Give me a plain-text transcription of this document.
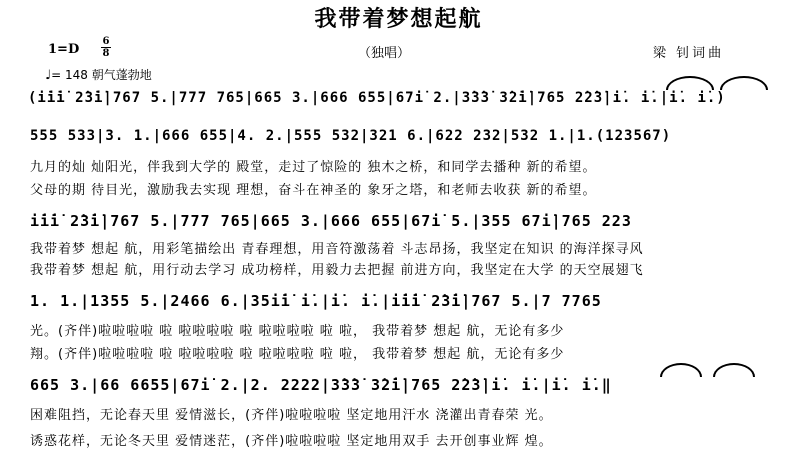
我带着梦想起航
1=D
6
8	（独唱）	梁 钊词曲
♩= 148 朝气蓬勃地
(i̇i̇i̇ 2̇3̇i̇|767 5.|777 765|665 3.|666 655|67i̇ 2.|3̇3̇3̇ 3̇2̇i̇|765 2̇2̇3̇|i̇. i̇.|i̇. i̇.)
555 533|3. 1.|666 655|4. 2.|555 532|321 6.|622 232|532 1.|1.(123567)
九月的灿 灿阳光，伴我到大学的 殿堂，走过了惊险的 独木之桥，和同学去播种 新的希望。
父母的期 待目光，激励我去实现 理想，奋斗在神圣的 象牙之塔，和老师去收获 新的希望。
i̇i̇i̇ 2̇3̇i̇|767 5.|777 765|665 3.|666 655|67i̇ 5.|355 67i̇|765 223
我带着梦 想起 航，用彩笔描绘出 青春理想，用音符激荡着 斗志昂扬，我坚定在知识 的海洋探寻风
我带着梦 想起 航，用行动去学习 成功榜样，用毅力去把握 前进方向，我坚定在大学 的天空展翅飞
1. 1.|1355 5.|2466 6.|35i̇i̇ i̇.|i̇. i̇.|i̇i̇i̇ 2̇3̇i̇|767 5.|7 7765
光。(齐伴)啦啦啦啦 啦 啦啦啦啦 啦 啦啦啦啦 啦 啦， 我带着梦 想起 航，无论有多少
翔。(齐伴)啦啦啦啦 啦 啦啦啦啦 啦 啦啦啦啦 啦 啦， 我带着梦 想起 航，无论有多少
665 3.|66 6655|67i̇ 2.|2. 2222|3̇3̇3̇ 3̇2̇i̇|765 2̇2̇3̇|i̇. i̇.|i̇. i̇.‖
困难阻挡，无论春天里 爱情滋长，(齐伴)啦啦啦啦 坚定地用汗水 浇灌出青春荣 光。
诱惑花样，无论冬天里 爱情迷茫，(齐伴)啦啦啦啦 坚定地用双手 去开创事业辉 煌。
